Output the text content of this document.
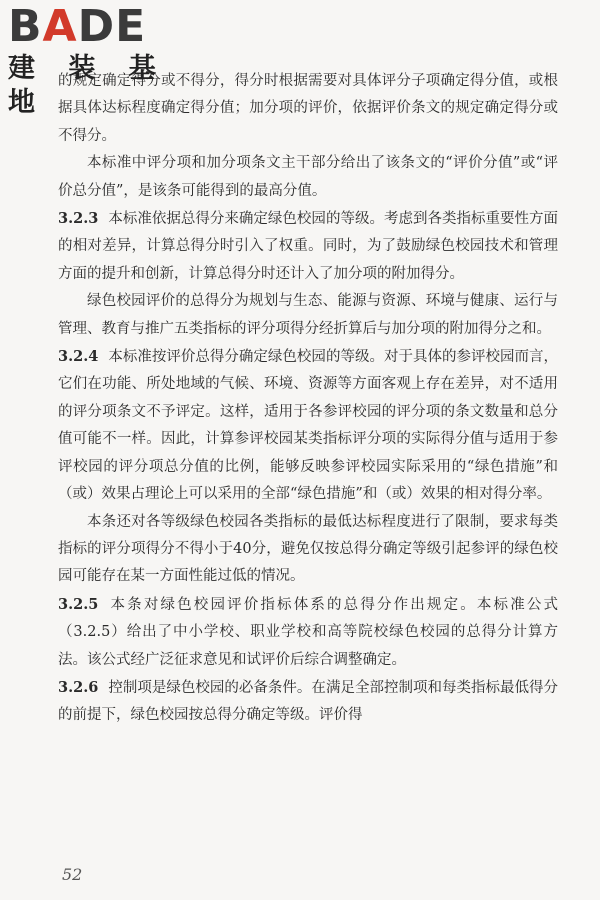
B A DE
建 装 基 地

的规定确定得分或不得分，得分时根据需要对具体评分子项确定得分值，或根据具体达标程度确定得分值；加分项的评价，依据评价条文的规定确定得分或不得分。

本标准中评分项和加分项条文主干部分给出了该条文的“评价分值”或“评价总分值”，是该条可能得到的最高分值。

3.2.3 本标准依据总得分来确定绿色校园的等级。考虑到各类指标重要性方面的相对差异，计算总得分时引入了权重。同时，为了鼓励绿色校园技术和管理方面的提升和创新，计算总得分时还计入了加分项的附加得分。

绿色校园评价的总得分为规划与生态、能源与资源、环境与健康、运行与管理、教育与推广五类指标的评分项得分经折算后与加分项的附加得分之和。

3.2.4 本标准按评价总得分确定绿色校园的等级。对于具体的参评校园而言，它们在功能、所处地域的气候、环境、资源等方面客观上存在差异，对不适用的评分项条文不予评定。这样，适用于各参评校园的评分项的条文数量和总分值可能不一样。因此，计算参评校园某类指标评分项的实际得分值与适用于参评校园的评分项总分值的比例，能够反映参评校园实际采用的“绿色措施”和（或）效果占理论上可以采用的全部“绿色措施”和（或）效果的相对得分率。

本条还对各等级绿色校园各类指标的最低达标程度进行了限制，要求每类指标的评分项得分不得小于40分，避免仅按总得分确定等级引起参评的绿色校园可能存在某一方面性能过低的情况。

3.2.5 本条对绿色校园评价指标体系的总得分作出规定。本标准公式（3.2.5）给出了中小学校、职业学校和高等院校绿色校园的总得分计算方法。该公式经广泛征求意见和试评价后综合调整确定。

3.2.6 控制项是绿色校园的必备条件。在满足全部控制项和每类指标最低得分的前提下，绿色校园按总得分确定等级。评价得

52
